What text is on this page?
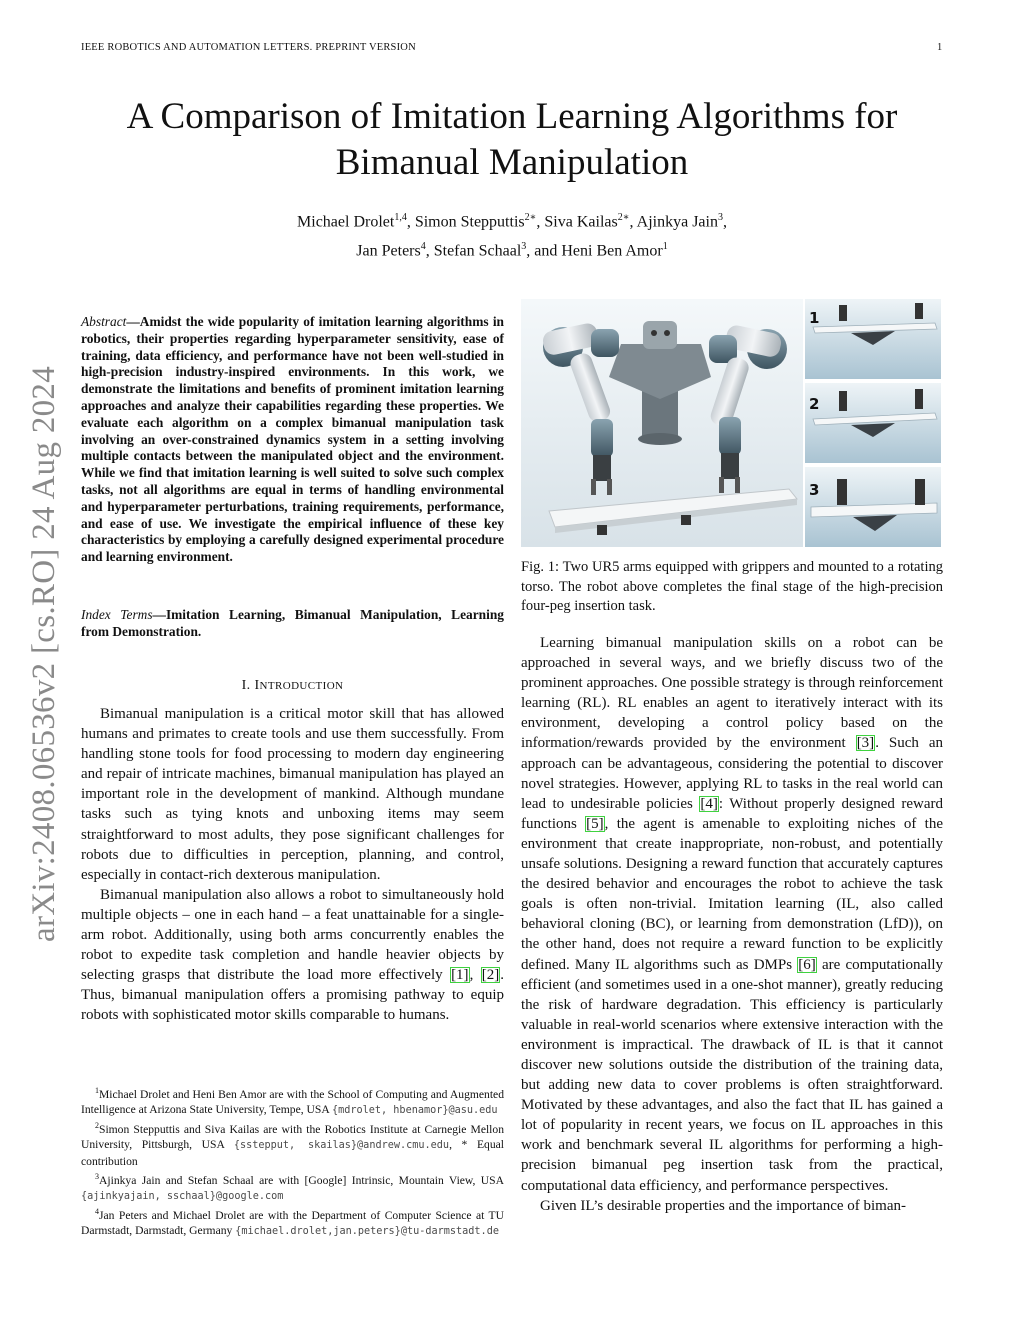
IEEE ROBOTICS AND AUTOMATION LETTERS. PREPRINT VERSION	1
A Comparison of Imitation Learning Algorithms for Bimanual Manipulation
Michael Drolet$^{1,4}$, Simon Stepputtis$^{2∗}$, Siva Kailas$^{2∗}$, Ajinkya Jain$^3$,
Jan Peters$^4$, Stefan Schaal$^3$, and Heni Ben Amor$^1$
arXiv:2408.06536v2 [cs.RO] 24 Aug 2024
Abstract—Amidst the wide popularity of imitation learning algorithms in robotics, their properties regarding hyperparameter sensitivity, ease of training, data efficiency, and performance have not been well-studied in high-precision industry-inspired environments. In this work, we demonstrate the limitations and benefits of prominent imitation learning approaches and analyze their capabilities regarding these properties. We evaluate each algorithm on a complex bimanual manipulation task involving an over-constrained dynamics system in a setting involving multiple contacts between the manipulated object and the environment. While we find that imitation learning is well suited to solve such complex tasks, not all algorithms are equal in terms of handling environmental and hyperparameter perturbations, training requirements, performance, and ease of use. We investigate the empirical influence of these key characteristics by employing a carefully designed experimental procedure and learning environment.
Index Terms—Imitation Learning, Bimanual Manipulation, Learning from Demonstration.
I. INTRODUCTION

Bimanual manipulation is a critical motor skill that has allowed humans and primates to create tools and use them successfully. From handling stone tools for food processing to modern day engineering and repair of intricate machines, bimanual manipulation has played an important role in the development of mankind. Although mundane tasks such as tying knots and unboxing items may seem straightforward to most adults, they pose significant challenges for robots due to difficulties in perception, planning, and control, especially in contact-rich dexterous manipulation.

Bimanual manipulation also allows a robot to simultaneously hold multiple objects – one in each hand – a feat unattainable for a single-arm robot. Additionally, using both arms concurrently enables the robot to expedite task completion and handle heavier objects by selecting grasps that distribute the load more effectively [1], [2]. Thus, bimanual manipulation offers a promising pathway to equip robots with sophisticated motor skills comparable to humans.

$^1$Michael Drolet and Heni Ben Amor are with the School of Computing and Augmented Intelligence at Arizona State University, Tempe, USA {mdrolet, hbenamor}@asu.edu

$^2$Simon Stepputtis and Siva Kailas are with the Robotics Institute at Carnegie Mellon University, Pittsburgh, USA {sstepput, skailas}@andrew.cmu.edu, * Equal contribution

$^3$Ajinkya Jain and Stefan Schaal are with [Google] Intrinsic, Mountain View, USA {ajinkyajain, sschaal}@google.com

$^4$Jan Peters and Michael Drolet are with the Department of Computer Science at TU Darmstadt, Darmstadt, Germany {michael.drolet,jan.peters}@tu-darmstadt.de

1
2
3
Fig. 1: Two UR5 arms equipped with grippers and mounted to a rotating torso. The robot above completes the final stage of the high-precision four-peg insertion task.

Learning bimanual manipulation skills on a robot can be approached in several ways, and we briefly discuss two of the prominent approaches. One possible strategy is through reinforcement learning (RL). RL enables an agent to iteratively interact with its environment, developing a control policy based on the information/rewards provided by the environment [3]. Such an approach can be advantageous, considering the potential to discover novel strategies. However, applying RL to tasks in the real world can lead to undesirable policies [4]: Without properly designed reward functions [5], the agent is amenable to exploiting niches of the environment that create inappropriate, non-robust, and potentially unsafe solutions. Designing a reward function that accurately captures the desired behavior and encourages the robot to achieve the task goals is often non-trivial. Imitation learning (IL, also called behavioral cloning (BC), or learning from demonstration (LfD)), on the other hand, does not require a reward function to be explicitly defined. Many IL algorithms such as DMPs [6] are computationally efficient (and sometimes used in a one-shot manner), greatly reducing the risk of hardware degradation. This efficiency is particularly valuable in real-world scenarios where extensive interaction with the environment is impractical. The drawback of IL is that it cannot discover new solutions outside the distribution of the training data, but adding new data to cover problems is often straightforward. Motivated by these advantages, and also the fact that IL has gained a lot of popularity in recent years, we focus on IL approaches in this work and benchmark several IL algorithms for performing a high-precision bimanual peg insertion task from the practical, computational data efficiency, and performance perspectives.

Given IL’s desirable properties and the importance of biman-
